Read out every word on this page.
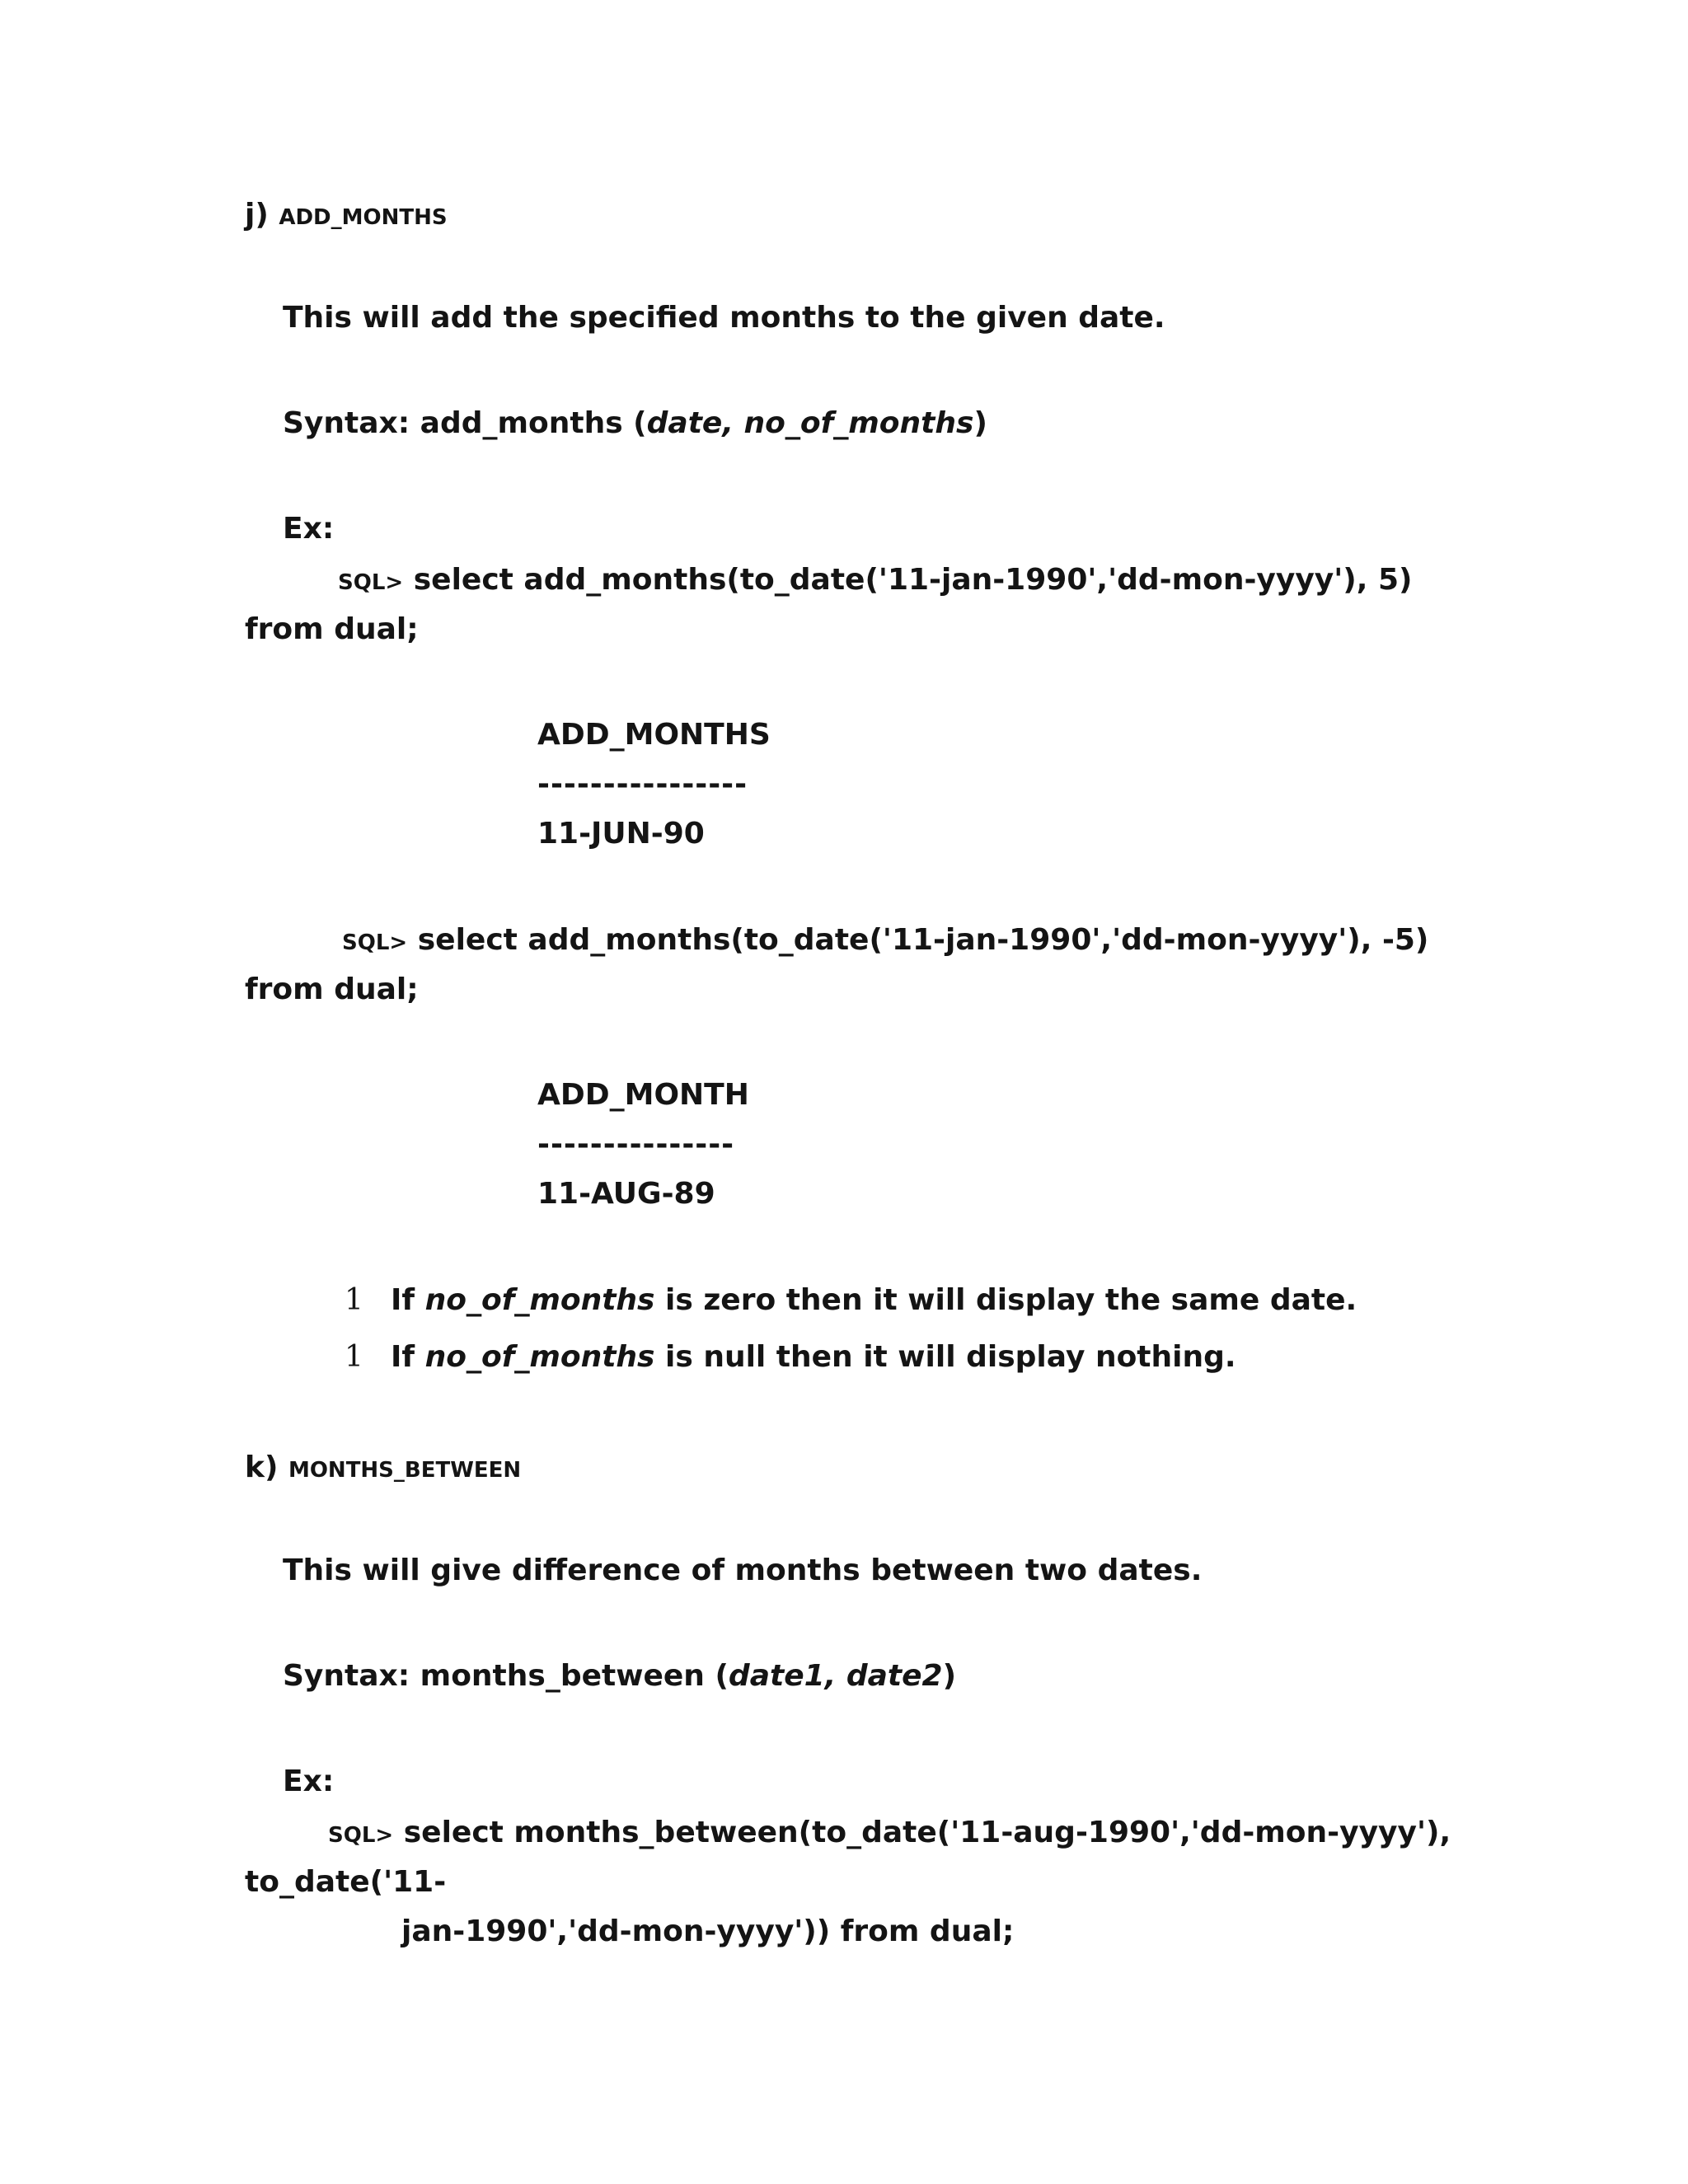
j) ADD_MONTHS
This will add the specified months to the given date.
Syntax: add_months (date, no_of_months)
Ex:
SQL> select add_months(to_date('11-jan-1990','dd-mon-yyyy'), 5)
from dual;
ADD_MONTHS
----------------
11-JUN-90
SQL> select add_months(to_date('11-jan-1990','dd-mon-yyyy'), -5)
from dual;
ADD_MONTH
---------------
11-AUG-89
1 If no_of_months is zero then it will display the same date.
1 If no_of_months is null then it will display nothing.
k) MONTHS_BETWEEN
This will give difference of months between two dates.
Syntax: months_between (date1, date2)
Ex:
SQL> select months_between(to_date('11-aug-1990','dd-mon-yyyy'),
to_date('11-
jan-1990','dd-mon-yyyy')) from dual;
